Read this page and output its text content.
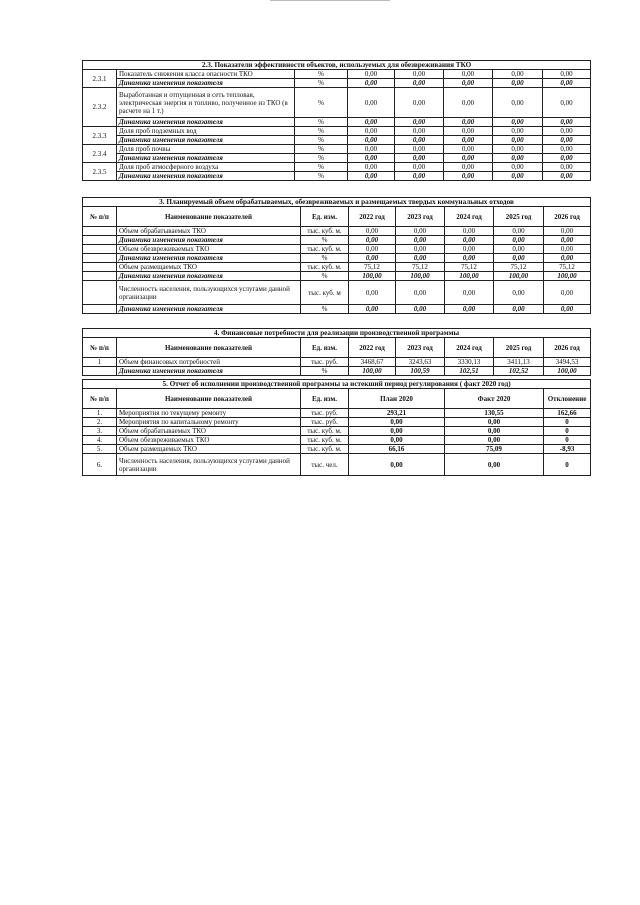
2.3. Показатели эффективности объектов, используемых для обезвреживания ТКО							
2.3.1	Показатель снижения класса опасности ТКО	%	0,00	0,00	0,00	0,00	0,00
	Динамика изменения показателя	%	0,00	0,00	0,00	0,00	0,00
2.3.2	Выработанная и отпущенная в сеть тепловая, электрическая энергия и топливо, полученное из ТКО (в расчете на 1 т.)	%	0,00	0,00	0,00	0,00	0,00
	Динамика изменения показателя	%	0,00	0,00	0,00	0,00	0,00
2.3.3	Доля проб подземных вод	%	0,00	0,00	0,00	0,00	0,00
	Динамика изменения показателя	%	0,00	0,00	0,00	0,00	0,00
2.3.4	Доля проб почвы	%	0,00	0,00	0,00	0,00	0,00
	Динамика изменения показателя	%	0,00	0,00	0,00	0,00	0,00
2.3.5	Доля проб атмосферного воздуха	%	0,00	0,00	0,00	0,00	0,00
	Динамика изменения показателя	%	0,00	0,00	0,00	0,00	0,00
3. Планируемый объем обрабатываемых, обезвреживаемых и размещаемых твердых коммунальных отходов							
№ п/п	Наименование показателей	Ед. изм.	2022 год	2023 год	2024 год	2025 год	2026 год
	Объем обрабатываемых ТКО	тыс. куб. м.	0,00	0,00	0,00	0,00	0,00
	Динамика изменения показателя	%	0,00	0,00	0,00	0,00	0,00
	Объем обезвреживаемых ТКО	тыс. куб. м.	0,00	0,00	0,00	0,00	0,00
	Динамика изменения показателя	%	0,00	0,00	0,00	0,00	0,00
	Объем размещаемых ТКО	тыс. куб. м.	75,12	75,12	75,12	75,12	75,12
	Динамика изменения показателя	%	100,00	100,00	100,00	100,00	100,00
	Численность населения, пользующихся услугами данной организации	тыс. куб. м	0,00	0,00	0,00	0,00	0,00
	Динамика изменения показателя	%	0,00	0,00	0,00	0,00	0,00
4. Финансовые потребности для реализации производственной программы							
№ п/п	Наименование показателей	Ед. изм.	2022 год	2023 год	2024 год	2025 год	2026 год
1	Объем финансовых потребностей	тыс. руб.	3468,67	3243,63	3330,13	3411,13	3494,53
	Динамика изменения показателя	%	100,00	100,59	102,51	102,52	100,00
5. Отчет об исполнении производственной программы за истекший период регулирования ( факт 2020 год)					
№ п/п	Наименование показателей	Ед. изм.	План 2020	Факт 2020	Отклонение
1.	Мероприятия по текущему ремонту	тыс. руб.	293,21	130,55	162,66
2.	Мероприятия по капитальному ремонту	тыс. руб.	0,00	0,00	0
3.	Объем обрабатываемых ТКО	тыс. куб. м.	0,00	0,00	0
4.	Объем обезвреживаемых ТКО	тыс. куб. м.	0,00	0,00	0
5.	Объем размещаемых ТКО	тыс. куб. м.	66,16	75,09	-8,93
6.	Численность населения, пользующихся услугами данной организации	тыс. чел.	0,00	0,00	0
